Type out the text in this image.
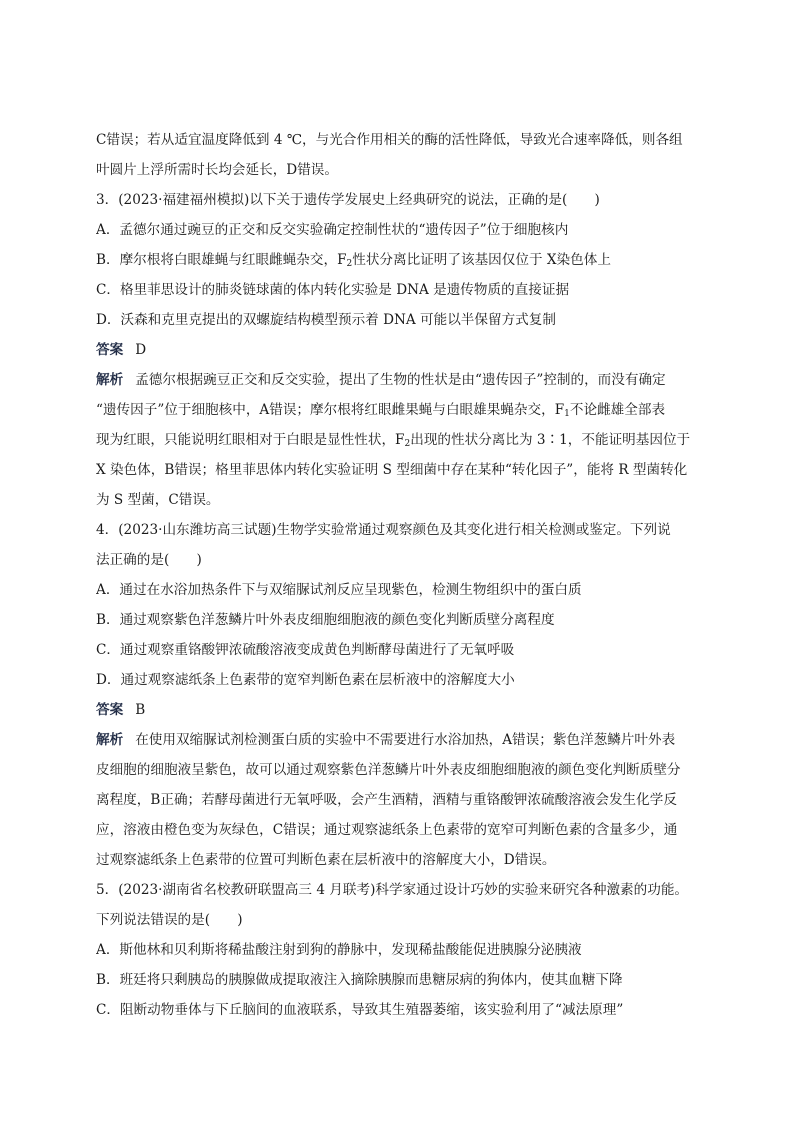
C错误；若从适宜温度降低到 4 ℃，与光合作用相关的酶的活性降低，导致光合速率降低，则各组
叶圆片上浮所需时长均会延长，D错误。
3．(2023·福建福州模拟)以下关于遗传学发展史上经典研究的说法，正确的是(　　)
A．孟德尔通过豌豆的正交和反交实验确定控制性状的“遗传因子”位于细胞核内
B．摩尔根将白眼雄蝇与红眼雌蝇杂交，$F_2$性状分离比证明了该基因仅位于 X染色体上
C．格里菲思设计的肺炎链球菌的体内转化实验是 DNA 是遗传物质的直接证据
D．沃森和克里克提出的双螺旋结构模型预示着 DNA 可能以半保留方式复制
答案 D
解析 孟德尔根据豌豆正交和反交实验，提出了生物的性状是由“遗传因子”控制的，而没有确定
“遗传因子”位于细胞核中，A错误；摩尔根将红眼雌果蝇与白眼雄果蝇杂交，$F_1$不论雌雄全部表
现为红眼，只能说明红眼相对于白眼是显性性状，$F_2$出现的性状分离比为 3∶1，不能证明基因位于
X 染色体，B错误；格里菲思体内转化实验证明 S 型细菌中存在某种“转化因子”，能将 R 型菌转化
为 S 型菌，C错误。
4．(2023·山东潍坊高三试题)生物学实验常通过观察颜色及其变化进行相关检测或鉴定。下列说
法正确的是(　　)
A．通过在水浴加热条件下与双缩脲试剂反应呈现紫色，检测生物组织中的蛋白质
B．通过观察紫色洋葱鳞片叶外表皮细胞细胞液的颜色变化判断质壁分离程度
C．通过观察重铬酸钾浓硫酸溶液变成黄色判断酵母菌进行了无氧呼吸
D．通过观察滤纸条上色素带的宽窄判断色素在层析液中的溶解度大小
答案 B
解析 在使用双缩脲试剂检测蛋白质的实验中不需要进行水浴加热，A错误；紫色洋葱鳞片叶外表
皮细胞的细胞液呈紫色，故可以通过观察紫色洋葱鳞片叶外表皮细胞细胞液的颜色变化判断质壁分
离程度，B正确；若酵母菌进行无氧呼吸，会产生酒精，酒精与重铬酸钾浓硫酸溶液会发生化学反
应，溶液由橙色变为灰绿色，C错误；通过观察滤纸条上色素带的宽窄可判断色素的含量多少，通
过观察滤纸条上色素带的位置可判断色素在层析液中的溶解度大小，D错误。
5．(2023·湖南省名校教研联盟高三 4 月联考)科学家通过设计巧妙的实验来研究各种激素的功能。
下列说法错误的是(　　)
A．斯他林和贝利斯将稀盐酸注射到狗的静脉中，发现稀盐酸能促进胰腺分泌胰液
B．班廷将只剩胰岛的胰腺做成提取液注入摘除胰腺而患糖尿病的狗体内，使其血糖下降
C．阻断动物垂体与下丘脑间的血液联系，导致其生殖器萎缩，该实验利用了“减法原理”
